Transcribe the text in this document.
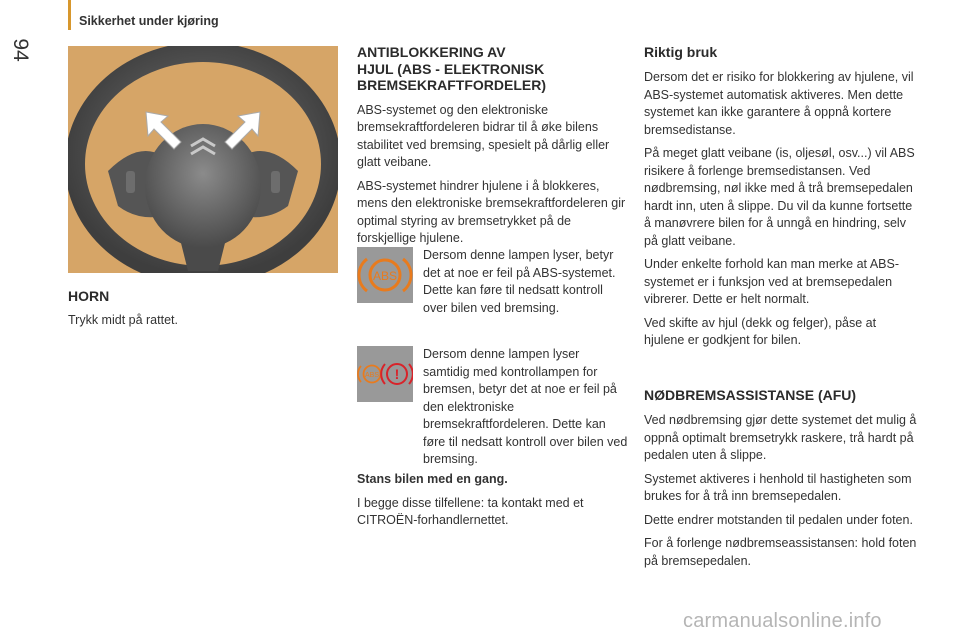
94
Sikkerhet under kjøring
HORN

Trykk midt på rattet.

ANTIBLOKKERING AV
HJUL (ABS - ELEKTRONISK
BREMSEKRAFTFORDELER)

ABS-systemet og den elektroniske bremsekraftfordeleren bidrar til å øke bilens stabilitet ved bremsing, spesielt på dårlig eller glatt veibane.

ABS-systemet hindrer hjulene i å blokkeres, mens den elektroniske bremsekraftfordeleren gir optimal styring av bremsetrykket på de forskjellige hjulene.

ABS

Dersom denne lampen lyser, betyr det at noe er feil på ABS-systemet. Dette kan føre til nedsatt kontroll over bilen ved bremsing.

ABS !

Dersom denne lampen lyser samtidig med kontrollampen for bremsen, betyr det at noe er feil på den elektroniske bremsekraftfordeleren. Dette kan føre til nedsatt kontroll over bilen ved bremsing.

Stans bilen med en gang.

I begge disse tilfellene: ta kontakt med et CITROËN-forhandlernettet.

Riktig bruk

Dersom det er risiko for blokkering av hjulene, vil ABS-systemet automatisk aktiveres. Men dette systemet kan ikke garantere å oppnå kortere bremsedistanse.

På meget glatt veibane (is, oljesøl, osv...) vil ABS risikere å forlenge bremsedistansen. Ved nødbremsing, nøl ikke med å trå bremsepedalen hardt inn, uten å slippe. Du vil da kunne fortsette å manøvrere bilen for å unngå en hindring, selv på glatt veibane.

Under enkelte forhold kan man merke at ABS-systemet er i funksjon ved at bremsepedalen vibrerer. Dette er helt normalt.

Ved skifte av hjul (dekk og felger), påse at hjulene er godkjent for bilen.

NØDBREMSASSISTANSE (AFU)

Ved nødbremsing gjør dette systemet det mulig å oppnå optimalt bremsetrykk raskere, trå hardt på pedalen uten å slippe.

Systemet aktiveres i henhold til hastigheten som brukes for å trå inn bremsepedalen.

Dette endrer motstanden til pedalen under foten.

For å forlenge nødbremseassistansen: hold foten på bremsepedalen.

carmanualsonline.info
